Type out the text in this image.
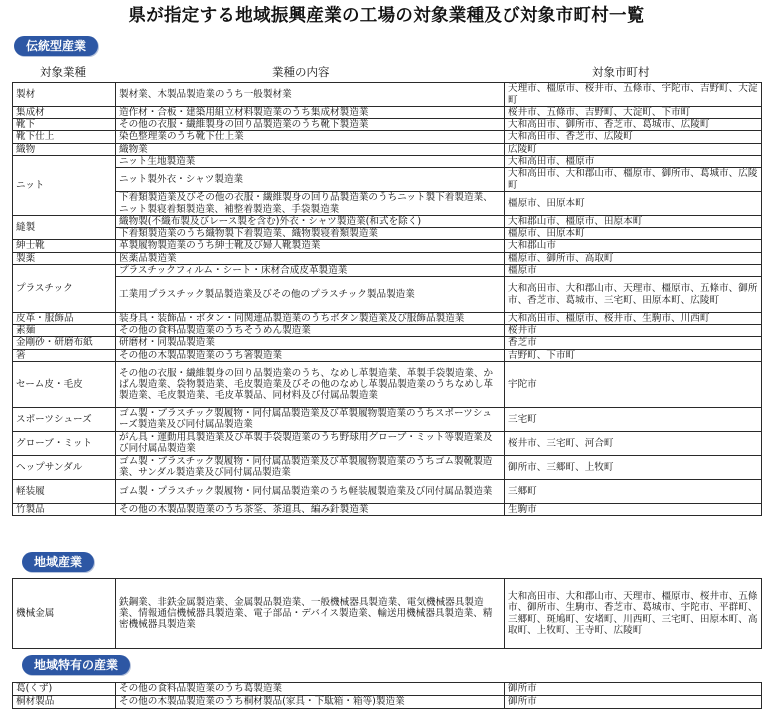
県が指定する地域振興産業の工場の対象業種及び対象市町村一覧
伝統型産業
対象業種	業種の内容	対象市町村
製材	製材業、木製品製造業のうち一般製材業	天理市、橿原市、桜井市、五條市、宇陀市、吉野町、大淀町
集成材	造作材・合板・建築用組立材料製造業のうち集成材製造業	桜井市、五條市、吉野町、大淀町、下市町
靴下	その他の衣服・繊維製身の回り品製造業のうち靴下製造業	大和高田市、御所市、香芝市、葛城市、広陵町
靴下仕上	染色整理業のうち靴下仕上業	大和高田市、香芝市、広陵町
織物	織物業	広陵町
ニット	ニット生地製造業	大和高田市、橿原市
	ニット製外衣・シャツ製造業	大和高田市、大和郡山市、橿原市、御所市、葛城市、広陵町
	下着類製造業及びその他の衣服・繊維製身の回り品製造業のうちニット製下着製造業、ニット製寝着類製造業、補整着製造業、手袋製造業	橿原市、田原本町
縫製	織物製(不織布製及びレース製を含む)外衣・シャツ製造業(和式を除く)	大和郡山市、橿原市、田原本町
	下着類製造業のうち織物製下着製造業、織物製寝着類製造業	橿原市、田原本町
紳士靴	革製履物製造業のうち紳士靴及び婦人靴製造業	大和郡山市
製薬	医薬品製造業	橿原市、御所市、高取町
プラスチック	プラスチックフィルム・シート・床材合成皮革製造業	橿原市
	工業用プラスチック製品製造業及びその他のプラスチック製品製造業	大和高田市、大和郡山市、天理市、橿原市、五條市、御所市、香芝市、葛城市、三宅町、田原本町、広陵町
皮革・服飾品	装身具・装飾品・ボタン・同関連品製造業のうちボタン製造業及び服飾品製造業	大和高田市、橿原市、桜井市、生駒市、川西町
素麺	その他の食料品製造業のうちそうめん製造業	桜井市
金剛砂・研磨布紙	研磨材・同製品製造業	香芝市
箸	その他の木製品製造業のうち箸製造業	吉野町、下市町
セーム皮・毛皮	その他の衣服・繊維製身の回り品製造業のうち、なめし革製造業、革製手袋製造業、かばん製造業、袋物製造業、毛皮製造業及びその他のなめし革製品製造業のうちなめし革製造業、毛皮製造業、毛皮革製品、同材料及び付属品製造業	宇陀市
スポーツシューズ	ゴム製・プラスチック製履物・同付属品製造業及び革製履物製造業のうちスポーツシューズ製造業及び同付属品製造業	三宅町
グローブ・ミット	がん具・運動用具製造業及び革製手袋製造業のうち野球用グローブ・ミット等製造業及び同付属品製造業	桜井市、三宅町、河合町
ヘップサンダル	ゴム製・プラスチック製履物・同付属品製造業及び革製履物製造業のうちゴム製靴製造業、サンダル製造業及び同付属品製造業	御所市、三郷町、上牧町
軽装履	ゴム製・プラスチック製履物・同付属品製造業のうち軽装履製造業及び同付属品製造業	三郷町
竹製品	その他の木製品製造業のうち茶筌、茶道具、編み針製造業	生駒市
地域産業
機械金属	鉄鋼業、非鉄金属製造業、金属製品製造業、一般機械器具製造業、電気機械器具製造業、情報通信機械器具製造業、電子部品・デバイス製造業、輸送用機械器具製造業、精密機械器具製造業	大和高田市、大和郡山市、天理市、橿原市、桜井市、五條市、御所市、生駒市、香芝市、葛城市、宇陀市、平群町、三郷町、斑鳩町、安堵町、川西町、三宅町、田原本町、高取町、上牧町、王寺町、広陵町
地域特有の産業
葛(くず)	その他の食料品製造業のうち葛製造業	御所市
桐材製品	その他の木製品製造業のうち桐材製品(家具・下駄箱・箱等)製造業	御所市
